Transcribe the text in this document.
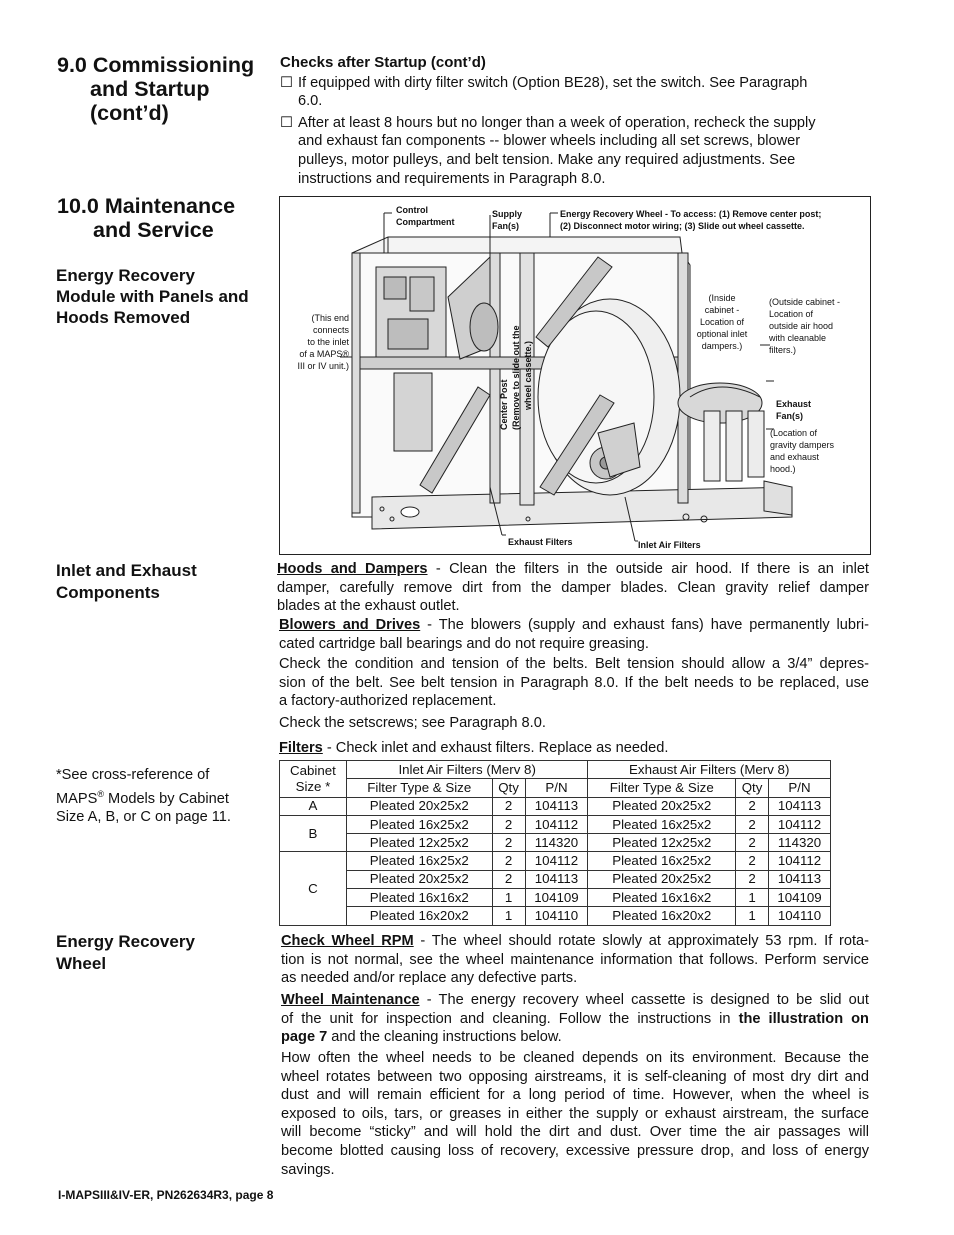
9.0 Commissioning
and Startup
(cont’d)
Checks after Startup (cont’d)
☐ If equipped with dirty filter switch (Option BE28), set the switch. See Paragraph
6.0.
☐ After at least 8 hours but no longer than a week of operation, recheck the supply
and exhaust fan components -- blower wheels including all set screws, blower
pulleys, motor pulleys, and belt tension. Make any required adjustments. See
instructions and requirements in Paragraph 8.0.
10.0 Maintenance
and Service
Energy Recovery
Module with Panels and
Hoods Removed
Control
Compartment
Supply
Fan(s)
Energy Recovery Wheel - To access: (1) Remove center post;
(2) Disconnect motor wiring; (3) Slide out wheel cassette.
(This end
connects
to the inlet
of a MAPS®
III or IV unit.)
Center Post (Remove to slide out the wheel cassette.)
(Inside
cabinet -
Location of
optional inlet
dampers.)
(Outside cabinet -
Location of
outside air hood
with cleanable
filters.)
Exhaust
Fan(s)
(Location of
gravity dampers
and exhaust
hood.)
Exhaust Filters	Inlet Air Filters
Inlet and Exhaust
Components
Hoods and Dampers - Clean the filters in the outside air hood. If there is an inlet
damper, carefully remove dirt from the damper blades. Clean gravity relief damper
blades at the exhaust outlet.
Blowers and Drives - The blowers (supply and exhaust fans) have permanently lubri-
cated cartridge ball bearings and do not require greasing.
Check the condition and tension of the belts. Belt tension should allow a 3/4” depres-
sion of the belt. See belt tension in Paragraph 8.0. If the belt needs to be replaced, use
a factory-authorized replacement.
Check the setscrews; see Paragraph 8.0.
Filters - Check inlet and exhaust filters. Replace as needed.
*See cross-reference of
MAPS® Models by Cabinet
Size A, B, or C on page 11.
Cabinet
Size *	Inlet Air Filters (Merv 8)			Exhaust Air Filters (Merv 8)		
	Filter Type & Size	Qty	P/N	Filter Type & Size	Qty	P/N
A	Pleated 20x25x2	2	104113	Pleated 20x25x2	2	104113
B	Pleated 16x25x2	2	104112	Pleated 16x25x2	2	104112
	Pleated 12x25x2	2	114320	Pleated 12x25x2	2	114320
C	Pleated 16x25x2	2	104112	Pleated 16x25x2	2	104112
	Pleated 20x25x2	2	104113	Pleated 20x25x2	2	104113
	Pleated 16x16x2	1	104109	Pleated 16x16x2	1	104109
	Pleated 16x20x2	1	104110	Pleated 16x20x2	1	104110
Energy Recovery
Wheel
Check Wheel RPM - The wheel should rotate slowly at approximately 53 rpm. If rota-
tion is not normal, see the wheel maintenance information that follows. Perform service
as needed and/or replace any defective parts.
Wheel Maintenance - The energy recovery wheel cassette is designed to be slid out
of the unit for inspection and cleaning. Follow the instructions in the illustration on
page 7 and the cleaning instructions below.
How often the wheel needs to be cleaned depends on its environment. Because the
wheel rotates between two opposing airstreams, it is self-cleaning of most dry dirt and
dust and will remain efficient for a long period of time. However, when the wheel is
exposed to oils, tars, or greases in either the supply or exhaust airstream, the surface
will become “sticky” and will hold the dirt and dust. Over time the air passages will
become blotted causing loss of recovery, excessive pressure drop, and loss of energy
savings.
I-MAPSIII&IV-ER, PN262634R3, page 8
